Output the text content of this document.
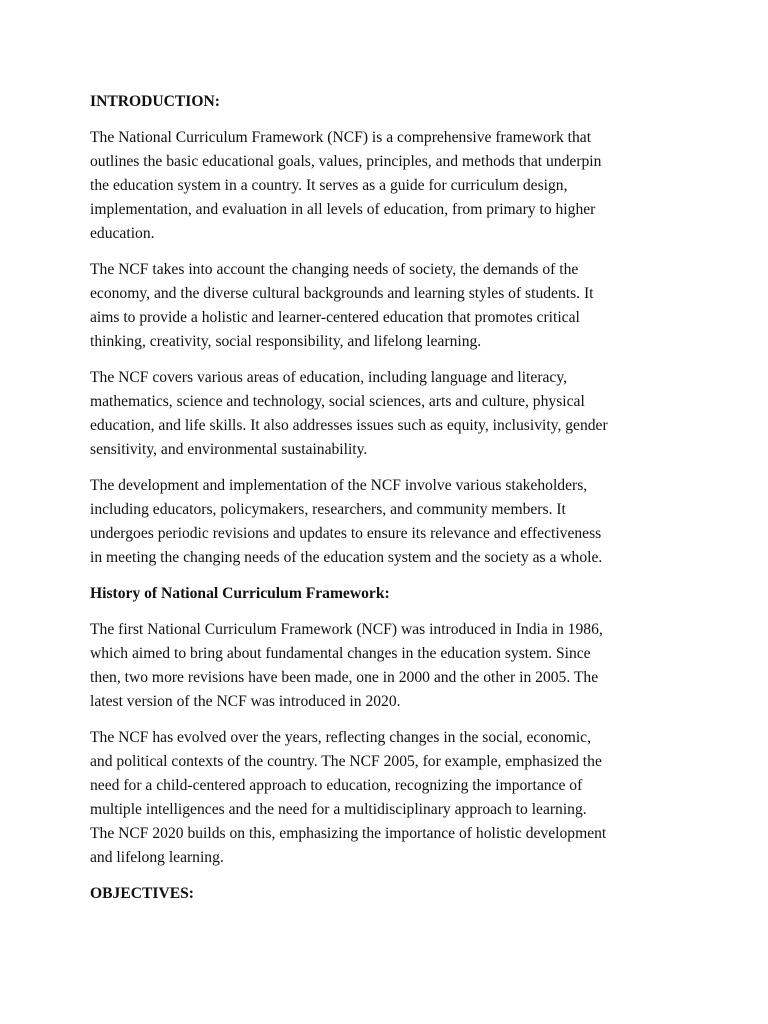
INTRODUCTION:
The National Curriculum Framework (NCF) is a comprehensive framework that
outlines the basic educational goals, values, principles, and methods that underpin
the education system in a country. It serves as a guide for curriculum design,
implementation, and evaluation in all levels of education, from primary to higher
education.
The NCF takes into account the changing needs of society, the demands of the
economy, and the diverse cultural backgrounds and learning styles of students. It
aims to provide a holistic and learner-centered education that promotes critical
thinking, creativity, social responsibility, and lifelong learning.
The NCF covers various areas of education, including language and literacy,
mathematics, science and technology, social sciences, arts and culture, physical
education, and life skills. It also addresses issues such as equity, inclusivity, gender
sensitivity, and environmental sustainability.
The development and implementation of the NCF involve various stakeholders,
including educators, policymakers, researchers, and community members. It
undergoes periodic revisions and updates to ensure its relevance and effectiveness
in meeting the changing needs of the education system and the society as a whole.
History of National Curriculum Framework:
The first National Curriculum Framework (NCF) was introduced in India in 1986,
which aimed to bring about fundamental changes in the education system. Since
then, two more revisions have been made, one in 2000 and the other in 2005. The
latest version of the NCF was introduced in 2020.
The NCF has evolved over the years, reflecting changes in the social, economic,
and political contexts of the country. The NCF 2005, for example, emphasized the
need for a child-centered approach to education, recognizing the importance of
multiple intelligences and the need for a multidisciplinary approach to learning.
The NCF 2020 builds on this, emphasizing the importance of holistic development
and lifelong learning.
OBJECTIVES:
